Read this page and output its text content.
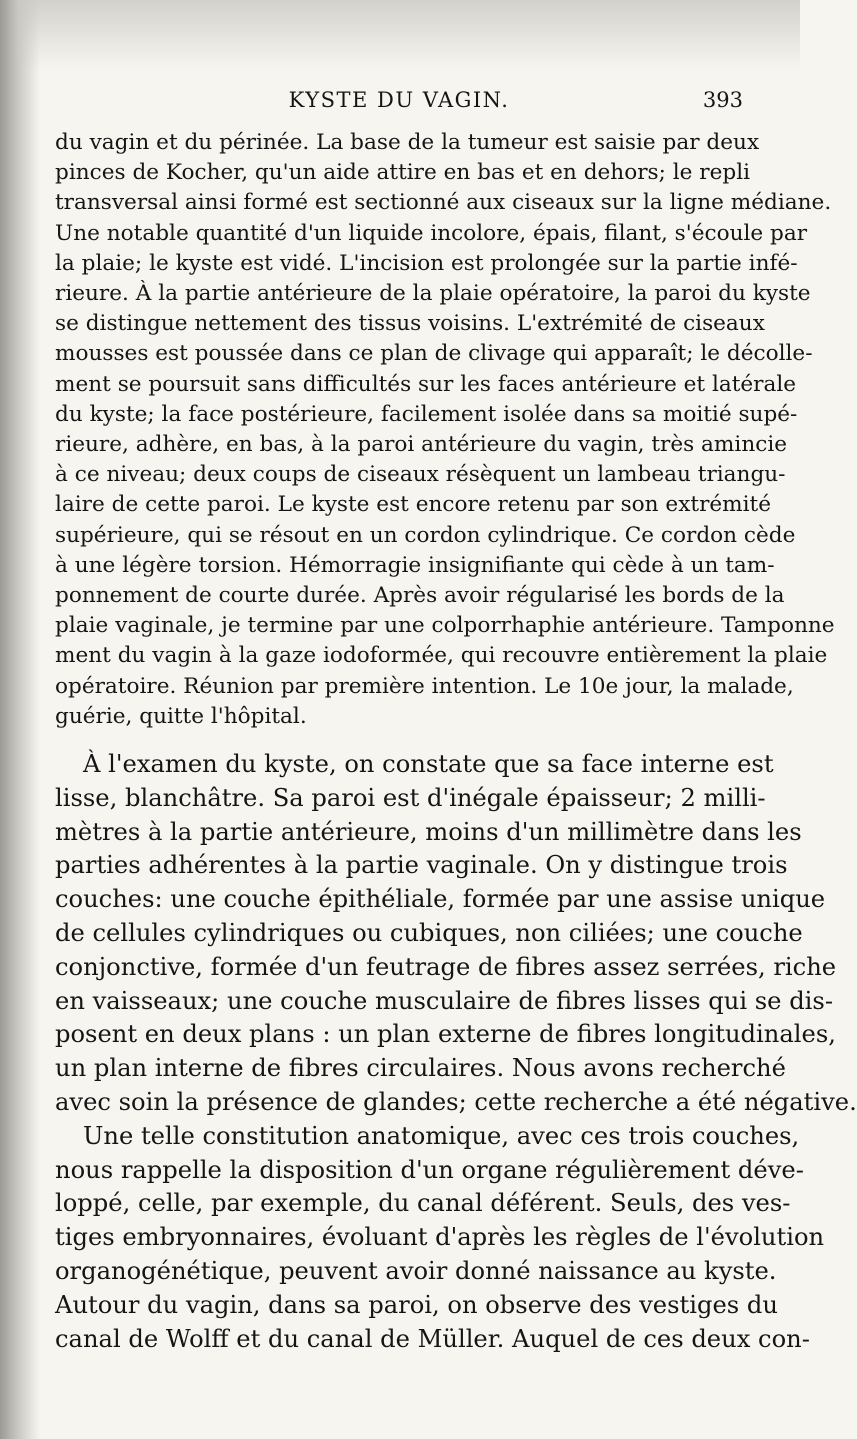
KYSTE DU VAGIN.	393
du vagin et du périnée. La base de la tumeur est saisie par deux
pinces de Kocher, qu'un aide attire en bas et en dehors; le repli
transversal ainsi formé est sectionné aux ciseaux sur la ligne médiane.
Une notable quantité d'un liquide incolore, épais, filant, s'écoule par
la plaie; le kyste est vidé. L'incision est prolongée sur la partie infé-
rieure. À la partie antérieure de la plaie opératoire, la paroi du kyste
se distingue nettement des tissus voisins. L'extrémité de ciseaux
mousses est poussée dans ce plan de clivage qui apparaît; le décolle-
ment se poursuit sans difficultés sur les faces antérieure et latérale
du kyste; la face postérieure, facilement isolée dans sa moitié supé-
rieure, adhère, en bas, à la paroi antérieure du vagin, très amincie
à ce niveau; deux coups de ciseaux résèquent un lambeau triangu-
laire de cette paroi. Le kyste est encore retenu par son extrémité
supérieure, qui se résout en un cordon cylindrique. Ce cordon cède
à une légère torsion. Hémorragie insignifiante qui cède à un tam-
ponnement de courte durée. Après avoir régularisé les bords de la
plaie vaginale, je termine par une colporrhaphie antérieure. Tamponne
ment du vagin à la gaze iodoformée, qui recouvre entièrement la plaie
opératoire. Réunion par première intention. Le 10e jour, la malade,
guérie, quitte l'hôpital.
À l'examen du kyste, on constate que sa face interne est
lisse, blanchâtre. Sa paroi est d'inégale épaisseur; 2 milli-
mètres à la partie antérieure, moins d'un millimètre dans les
parties adhérentes à la partie vaginale. On y distingue trois
couches: une couche épithéliale, formée par une assise unique
de cellules cylindriques ou cubiques, non ciliées; une couche
conjonctive, formée d'un feutrage de fibres assez serrées, riche
en vaisseaux; une couche musculaire de fibres lisses qui se dis-
posent en deux plans : un plan externe de fibres longitudinales,
un plan interne de fibres circulaires. Nous avons recherché
avec soin la présence de glandes; cette recherche a été négative.
Une telle constitution anatomique, avec ces trois couches,
nous rappelle la disposition d'un organe régulièrement déve-
loppé, celle, par exemple, du canal déférent. Seuls, des ves-
tiges embryonnaires, évoluant d'après les règles de l'évolution
organogénétique, peuvent avoir donné naissance au kyste.
Autour du vagin, dans sa paroi, on observe des vestiges du
canal de Wolff et du canal de Müller. Auquel de ces deux con-
